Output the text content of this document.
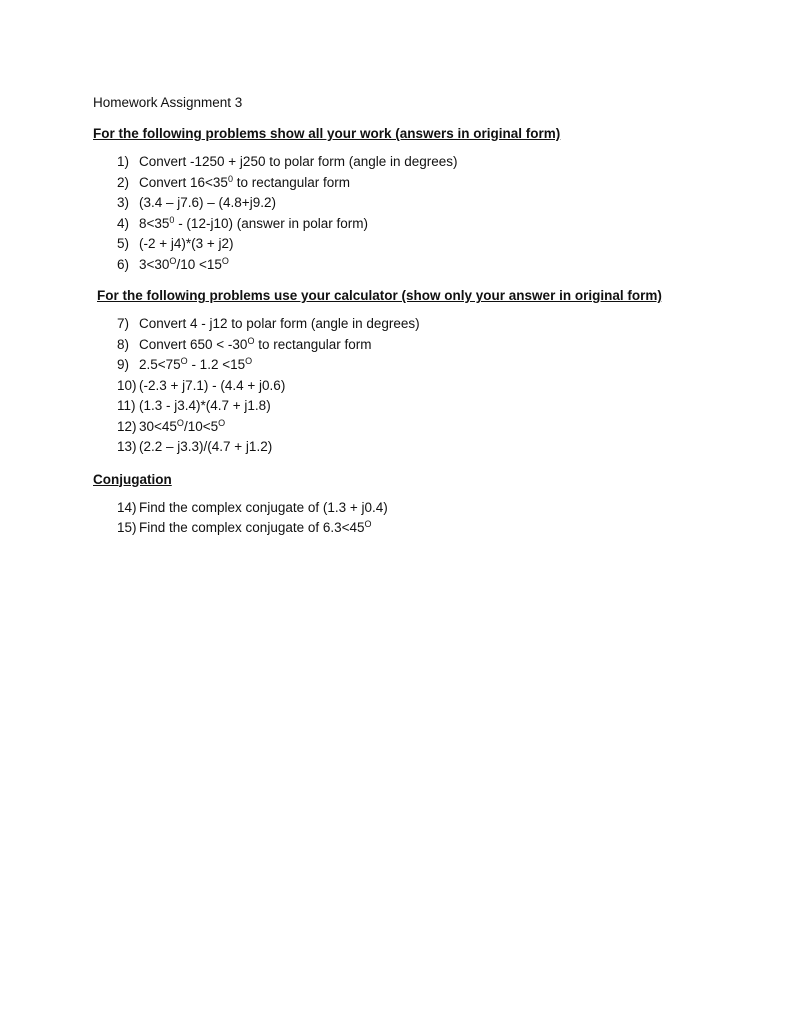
Homework Assignment 3

For the following problems show all your work (answers in original form)

1) Convert -1250 + j250 to polar form (angle in degrees)
2) Convert $16<35^0$ to rectangular form
3) (3.4 – j7.6) – (4.8+j9.2)
4) $8<35^0 - (12-j10)$ (answer in polar form)
5) (-2 + j4)*(3 + j2)
6) $3<30^O/10 <15^O$

For the following problems use your calculator (show only your answer in original form)

7) Convert 4 - j12 to polar form (angle in degrees)
8) Convert $650 < -30^O$ to rectangular form
9) $2.5<75^O - 1.2 <15^O$
10) (-2.3 + j7.1) - (4.4 + j0.6)
11) (1.3 - j3.4)*(4.7 + j1.8)
12) $30<45^O/10<5^O$
13) (2.2 – j3.3)/(4.7 + j1.2)

Conjugation

14) Find the complex conjugate of (1.3 + j0.4)
15) Find the complex conjugate of $6.3<45^O$
